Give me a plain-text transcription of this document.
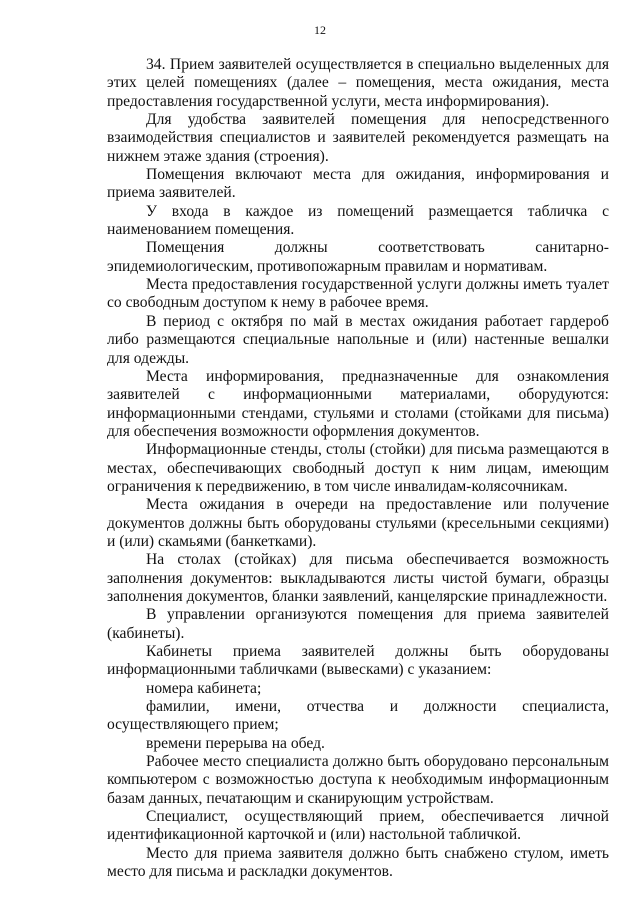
12

34. Прием заявителей осуществляется в специально выделенных для этих целей помещениях (далее – помещения, места ожидания, места предоставления государственной услуги, места информирования).

Для удобства заявителей помещения для непосредственного взаимодействия специалистов и заявителей рекомендуется размещать на нижнем этаже здания (строения).

Помещения включают места для ожидания, информирования и приема заявителей.

У входа в каждое из помещений размещается табличка с наименованием помещения.

Помещения должны соответствовать санитарно-эпидемиологическим, противопожарным правилам и нормативам.

Места предоставления государственной услуги должны иметь туалет со свободным доступом к нему в рабочее время.

В период с октября по май в местах ожидания работает гардероб либо размещаются специальные напольные и (или) настенные вешалки для одежды.

Места информирования, предназначенные для ознакомления заявителей с информационными материалами, оборудуются: информационными стендами, стульями и столами (стойками для письма) для обеспечения возможности оформления документов.

Информационные стенды, столы (стойки) для письма размещаются в местах, обеспечивающих свободный доступ к ним лицам, имеющим ограничения к передвижению, в том числе инвалидам-колясочникам.

Места ожидания в очереди на предоставление или получение документов должны быть оборудованы стульями (кресельными секциями) и (или) скамьями (банкетками).

На столах (стойках) для письма обеспечивается возможность заполнения документов: выкладываются листы чистой бумаги, образцы заполнения документов, бланки заявлений, канцелярские принадлежности.

В управлении организуются помещения для приема заявителей (кабинеты).

Кабинеты приема заявителей должны быть оборудованы информационными табличками (вывесками) с указанием:

номера кабинета;

фамилии, имени, отчества и должности специалиста, осуществляющего прием;

времени перерыва на обед.

Рабочее место специалиста должно быть оборудовано персональным компьютером с возможностью доступа к необходимым информационным базам данных, печатающим и сканирующим устройствам.

Специалист, осуществляющий прием, обеспечивается личной идентификационной карточкой и (или) настольной табличкой.

Место для приема заявителя должно быть снабжено стулом, иметь место для письма и раскладки документов.
